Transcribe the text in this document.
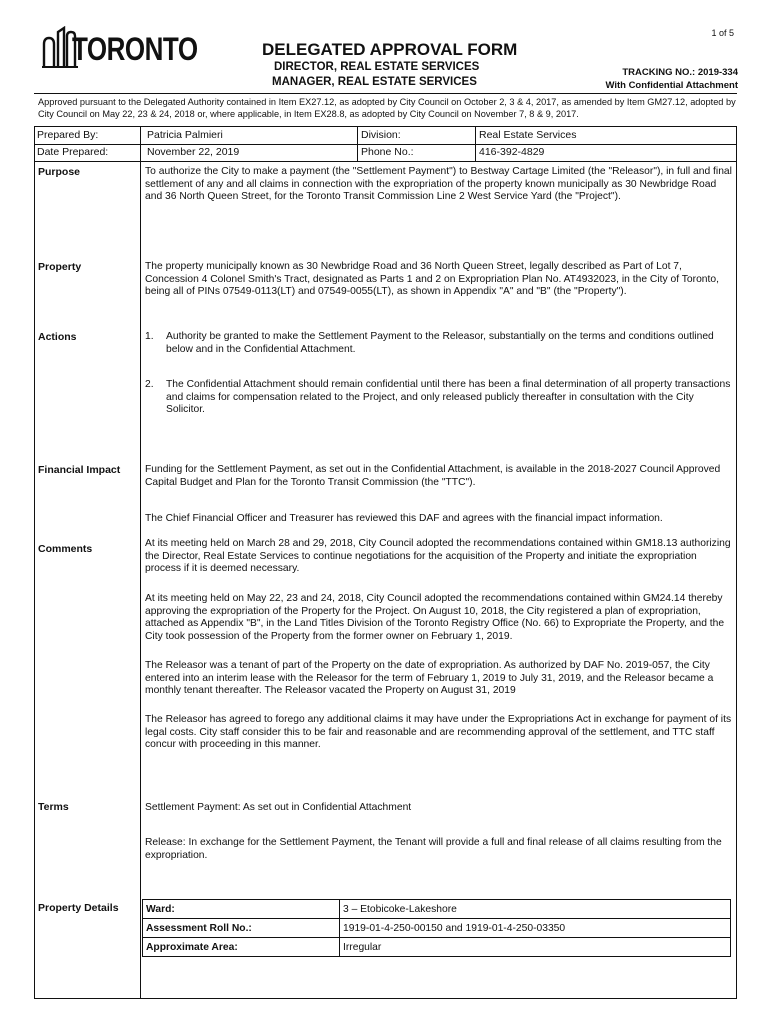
1 of 5
TORONTO	DELEGATED APPROVAL FORM
DIRECTOR, REAL ESTATE SERVICES
MANAGER, REAL ESTATE SERVICES
TRACKING NO.: 2019-334
With Confidential Attachment
Approved pursuant to the Delegated Authority contained in Item EX27.12, as adopted by City Council on October 2, 3 & 4, 2017, as amended by Item GM27.12, adopted by City Council on May 22, 23 & 24, 2018 or, where applicable, in Item EX28.8, as adopted by City Council on November 7, 8 & 9, 2017.
Prepared By:	Patricia Palmieri	Division:	Real Estate Services
Date Prepared:	November 22, 2019	Phone No.:	416-392-4829
Purpose	To authorize the City to make a payment (the "Settlement Payment") to Bestway Cartage Limited (the "Releasor"), in full and final settlement of any and all claims in connection with the expropriation of the property known municipally as 30 Newbridge Road and 36 North Queen Street, for the Toronto Transit Commission Line 2 West Service Yard (the "Project").
Property	The property municipally known as 30 Newbridge Road and 36 North Queen Street, legally described as Part of Lot 7, Concession 4 Colonel Smith's Tract, designated as Parts 1 and 2 on Expropriation Plan No. AT4932023, in the City of Toronto, being all of PINs 07549-0113(LT) and 07549-0055(LT), as shown in Appendix "A" and "B" (the "Property").
Actions	1. Authority be granted to make the Settlement Payment to the Releasor, substantially on the terms and conditions outlined below and in the Confidential Attachment.
2. The Confidential Attachment should remain confidential until there has been a final determination of all property transactions and claims for compensation related to the Project, and only released publicly thereafter in consultation with the City Solicitor.
Financial Impact Funding for the Settlement Payment, as set out in the Confidential Attachment, is available in the 2018-2027 Council Approved Capital Budget and Plan for the Toronto Transit Commission (the "TTC").
The Chief Financial Officer and Treasurer has reviewed this DAF and agrees with the financial impact information.
Comments	At its meeting held on March 28 and 29, 2018, City Council adopted the recommendations contained within GM18.13 authorizing the Director, Real Estate Services to continue negotiations for the acquisition of the Property and initiate the expropriation process if it is deemed necessary.
At its meeting held on May 22, 23 and 24, 2018, City Council adopted the recommendations contained within GM24.14 thereby approving the expropriation of the Property for the Project. On August 10, 2018, the City registered a plan of expropriation, attached as Appendix "B", in the Land Titles Division of the Toronto Registry Office (No. 66) to Expropriate the Property, and the City took possession of the Property from the former owner on February 1, 2019.
The Releasor was a tenant of part of the Property on the date of expropriation. As authorized by DAF No. 2019-057, the City entered into an interim lease with the Releasor for the term of February 1, 2019 to July 31, 2019, and the Releasor became a monthly tenant thereafter. The Releasor vacated the Property on August 31, 2019
The Releasor has agreed to forego any additional claims it may have under the Expropriations Act in exchange for payment of its legal costs. City staff consider this to be fair and reasonable and are recommending approval of the settlement, and TTC staff concur with proceeding in this manner.
Terms	Settlement Payment: As set out in Confidential Attachment
Release: In exchange for the Settlement Payment, the Tenant will provide a full and final release of all claims resulting from the expropriation.
Property Details	Ward:	3 – Etobicoke-Lakeshore
Assessment Roll No.:	1919-01-4-250-00150 and 1919-01-4-250-03350
Approximate Area:	Irregular
